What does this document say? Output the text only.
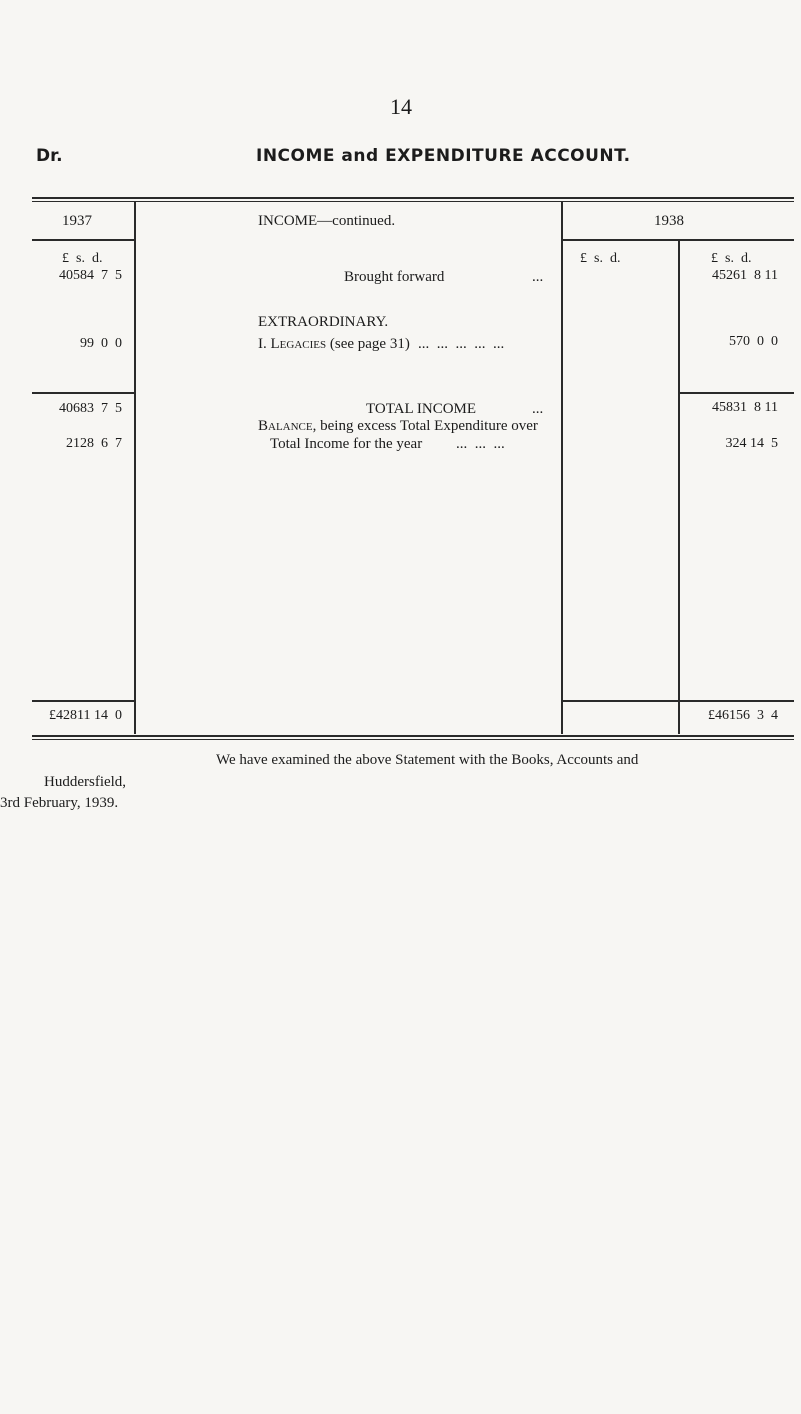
14
Dr.	INCOME and EXPENDITURE ACCOUNT.
1937	INCOME—continued.	1938
£  s.  d.	£  s.  d.	£  s.  d.
40584  7  5	Brought forward	...	45261  8 11
EXTRAORDINARY.
99  0  0	I. Legacies (see page 31) ...  ...  ...  ...  ...	570  0  0
40683  7  5	TOTAL INCOME	...	45831  8 11
Balance, being excess Total Expenditure over
2128  6  7	Total Income for the year ...  ...  ...	324 14  5
£42811 14  0	£46156  3  4
We have examined the above Statement with the Books, Accounts and
Huddersfield,
3rd February, 1939.
